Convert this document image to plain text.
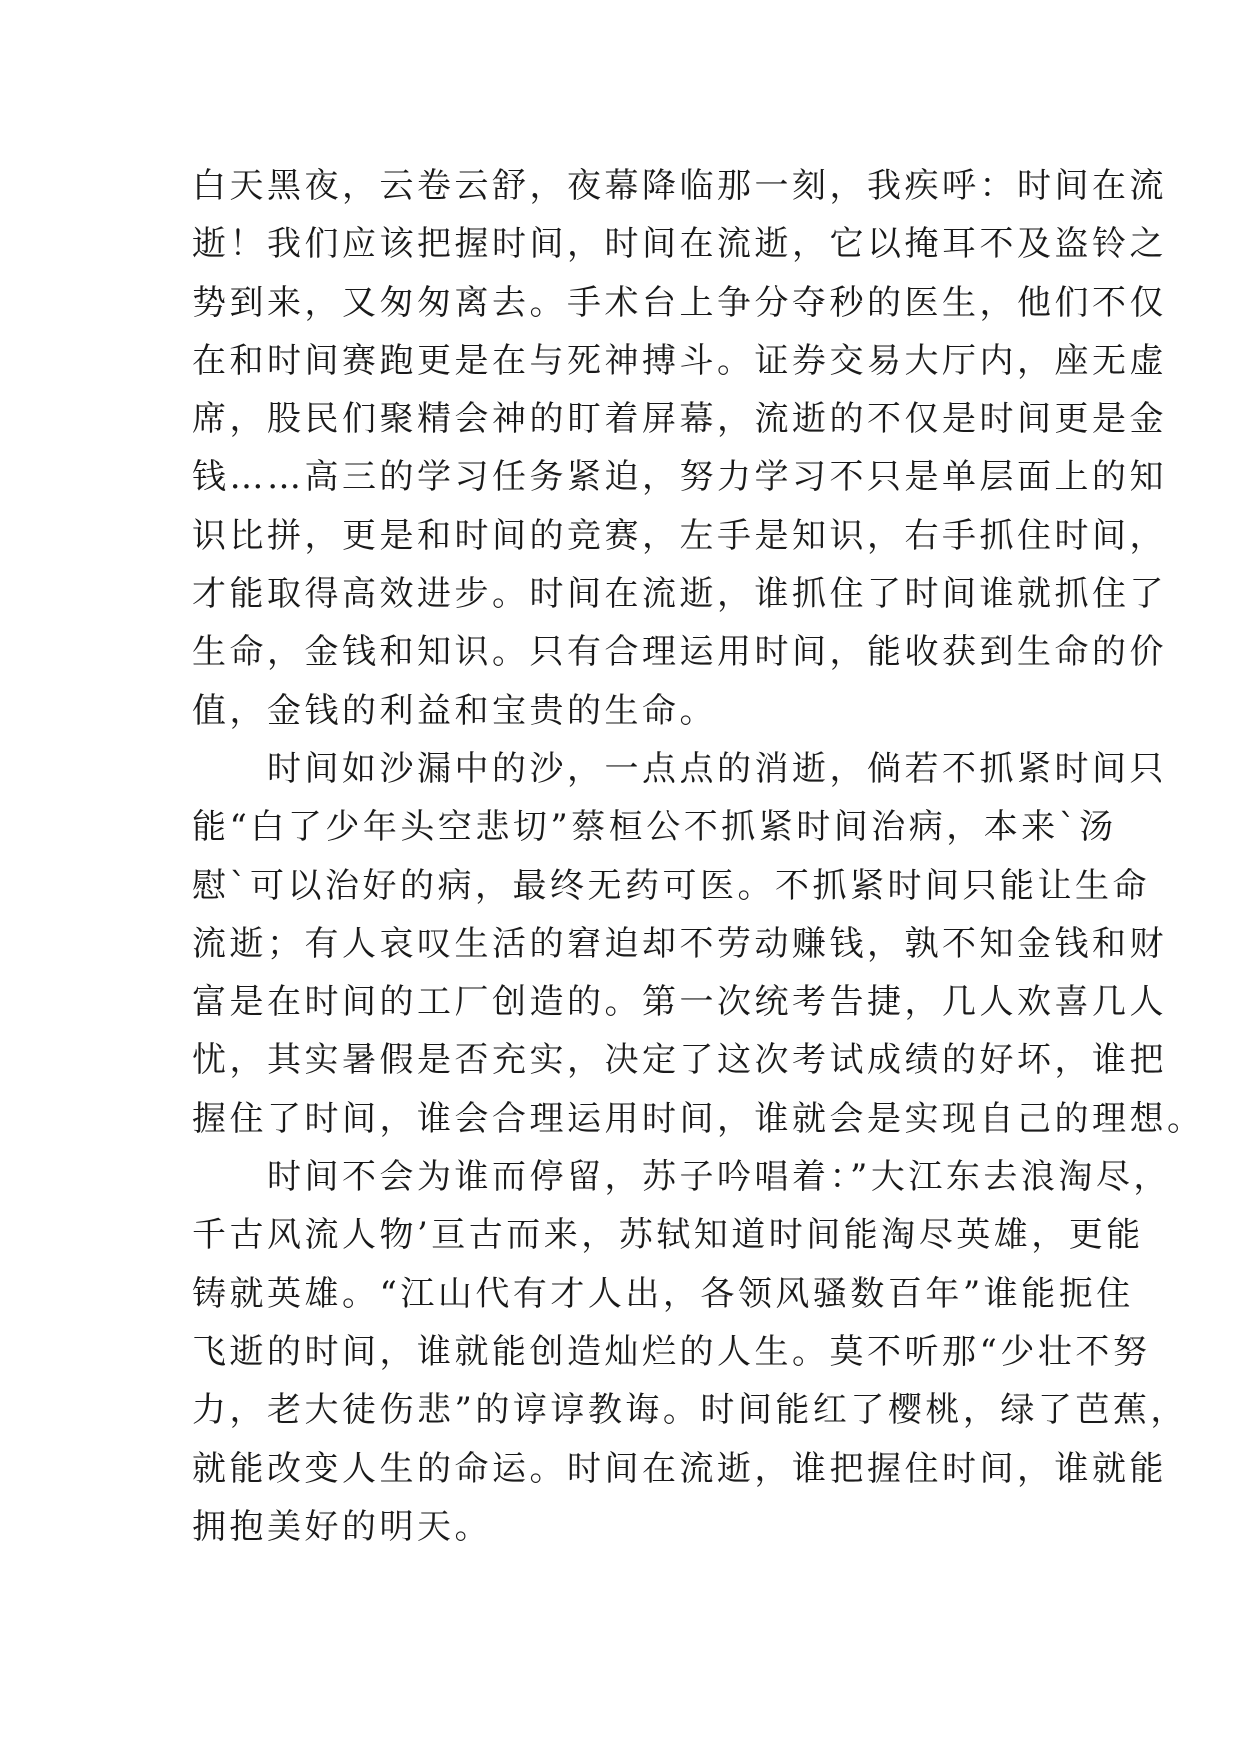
白天黑夜，云卷云舒，夜幕降临那一刻，我疾呼：时间在流
逝！我们应该把握时间，时间在流逝，它以掩耳不及盗铃之
势到来，又匆匆离去。手术台上争分夺秒的医生，他们不仅
在和时间赛跑更是在与死神搏斗。证券交易大厅内，座无虚
席，股民们聚精会神的盯着屏幕，流逝的不仅是时间更是金
钱……高三的学习任务紧迫，努力学习不只是单层面上的知
识比拼，更是和时间的竞赛，左手是知识，右手抓住时间，
才能取得高效进步。时间在流逝，谁抓住了时间谁就抓住了
生命，金钱和知识。只有合理运用时间，能收获到生命的价
值，金钱的利益和宝贵的生命。
　　时间如沙漏中的沙，一点点的消逝，倘若不抓紧时间只
能“白了少年头空悲切”蔡桓公不抓紧时间治病，本来`汤
慰`可以治好的病，最终无药可医。不抓紧时间只能让生命
流逝；有人哀叹生活的窘迫却不劳动赚钱，孰不知金钱和财
富是在时间的工厂创造的。第一次统考告捷，几人欢喜几人
忧，其实暑假是否充实，决定了这次考试成绩的好坏，谁把
握住了时间，谁会合理运用时间，谁就会是实现自己的理想。
　　时间不会为谁而停留，苏子吟唱着：”大江东去浪淘尽，
千古风流人物’亘古而来，苏轼知道时间能淘尽英雄，更能
铸就英雄。“江山代有才人出，各领风骚数百年”谁能扼住
飞逝的时间，谁就能创造灿烂的人生。莫不听那“少壮不努
力，老大徒伤悲”的谆谆教诲。时间能红了樱桃，绿了芭蕉，
就能改变人生的命运。时间在流逝，谁把握住时间，谁就能
拥抱美好的明天。
